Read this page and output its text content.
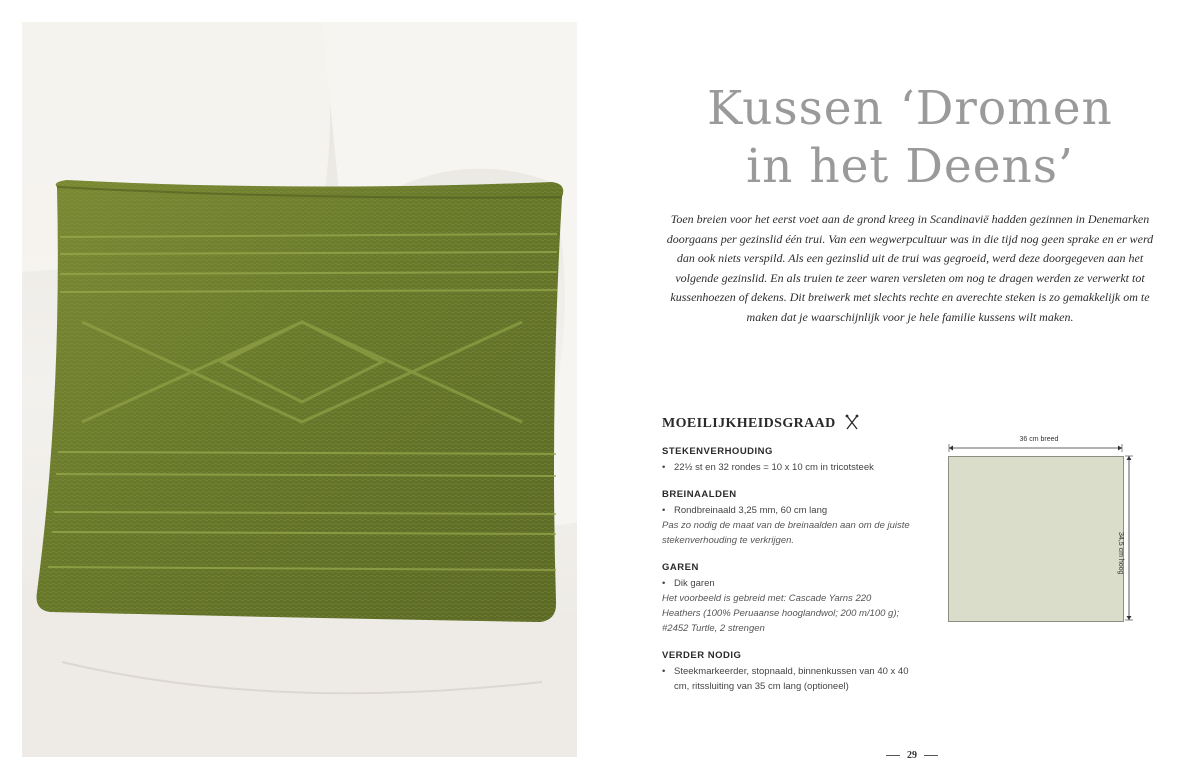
Kussen ‘Dromen
in het Deens’

Toen breien voor het eerst voet aan de grond kreeg in Scandinavië hadden gezinnen in Denemarken doorgaans per gezinslid één trui. Van een wegwerpcultuur was in die tijd nog geen sprake en er werd dan ook niets verspild. Als een gezinslid uit de trui was gegroeid, werd deze doorgegeven aan het volgende gezinslid. En als truien te zeer waren versleten om nog te dragen werden ze verwerkt tot kussenhoezen of dekens. Dit breiwerk met slechts rechte en averechte steken is zo gemakkelijk om te maken dat je waarschijnlijk voor je hele familie kussens wilt maken.

MOEILIJKHEIDSGRAAD
STEKENVERHOUDING
• 22½ st en 32 rondes = 10 x 10 cm in tricotsteek
BREINAALDEN
• Rondbreinaald 3,25 mm, 60 cm lang
Pas zo nodig de maat van de breinaalden aan om de juiste stekenverhouding te verkrijgen.
GAREN
• Dik garen
Het voorbeeld is gebreid met: Cascade Yarns 220 Heathers (100% Peruaanse hooglandwol; 200 m/100 g); #2452 Turtle, 2 strengen
VERDER NODIG
• Steekmarkeerder, stopnaald, binnenkussen van 40 x 40 cm, ritssluiting van 35 cm lang (optioneel)
36 cm breed
34,5 cm hoog
29
